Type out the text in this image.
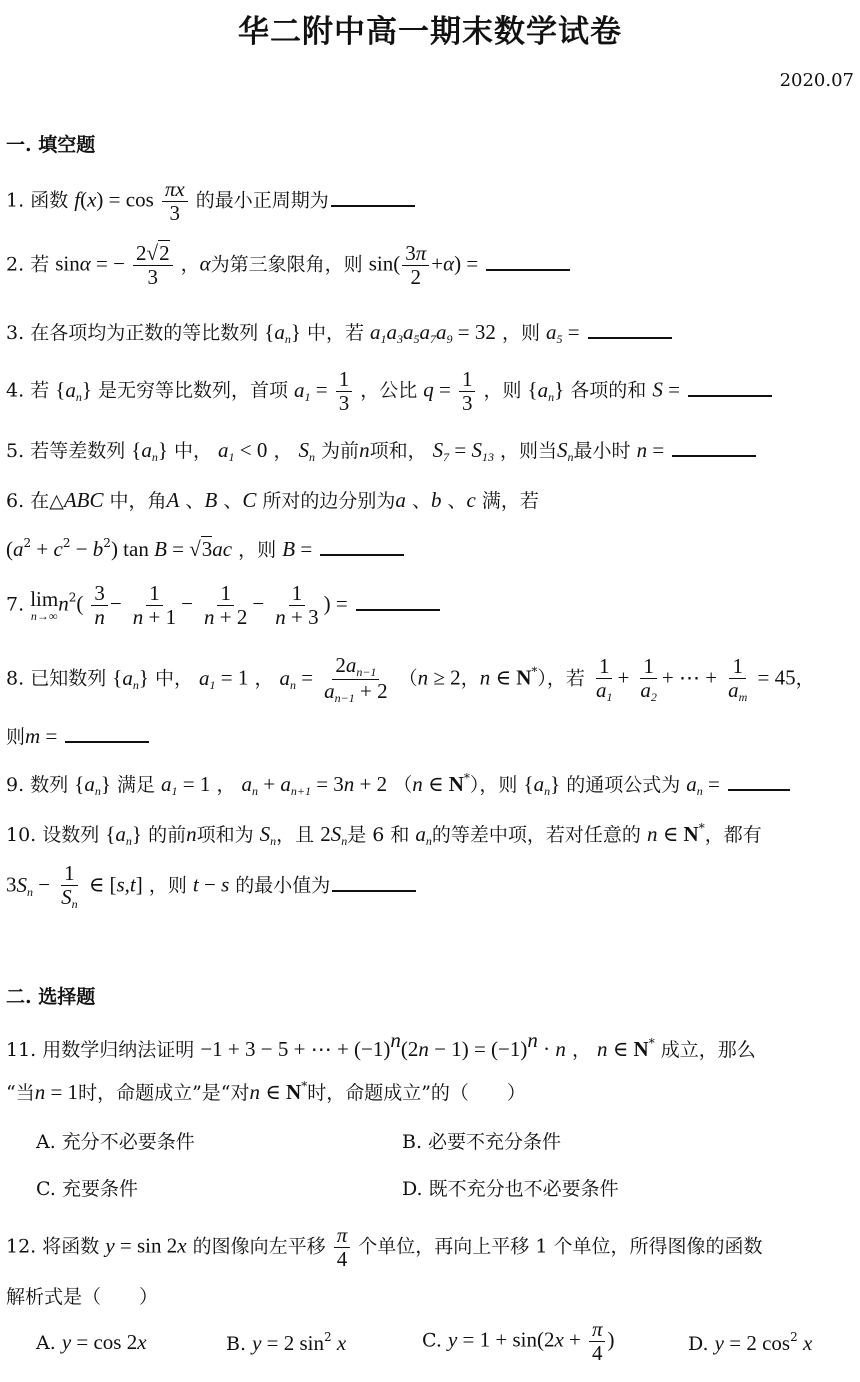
华二附中高一期末数学试卷
2020.07
一. 填空题
1. 函数 $f(x) = \cos \frac{\pi x}{3}$ 的最小正周期为
2. 若 sinα = − $\frac{2√2}{3}$ ，α为第三象限角，则 $\sin( \frac{3\pi}{2} +\alpha)$ =
3. 在各项均为正数的等比数列 $\{a_n\}$ 中，若 $a_1a_3a_5a_7a_9 = 32$ ，则 $a_5$ =
4. 若 $\{a_n\}$ 是无穷等比数列，首项 $a_1 = \frac{1}{3}$ ，公比 $q = \frac{1}{3}$ ，则 $\{a_n\}$ 各项的和 S =
5. 若等差数列 $\{a_n\}$ 中， $a_1 < 0$ ， $S_n$ 为前n项和， $S_7 = S_{13}$ ，则当$S_n$最小时 n =
6. 在△ABC 中，角A 、B 、C 所对的边分别为a 、b 、c 满，若
$(a^2 + c^2 - b^2)$ tan B = √3ac ，则 B =
7. lim
n→∞
$n^2( \frac{3}{n} - \frac{1}{n + 1} - \frac{1}{n + 2} - \frac{1}{n + 3}$ ) =
8. 已知数列 $\{a_n\}$ 中， $a_1 = 1$ ， $a_n = \frac{2a_{n-1}}{a_{n-1} + 2} (n \ge 2$，n ∈ N*），若 $\frac{1}{a_1} + \frac{1}{a_2}$ + ⋯ + $\frac{1}{a_m} = 45$，
则m =
9. 数列 $\{a_n\}$ 满足 $a_1 = 1$ ， $a_n + a_{n+1} = 3n + 2$ （n ∈ N*），则 $\{a_n\}$ 的通项公式为 $a_n$ =
10. 设数列 $\{a_n\}$ 的前n项和为 $S_n$，且 $2S_n$是 6 和 $a_n$的等差中项，若对任意的 n ∈ N*，都有
$3S_n - \frac{1}{S_n}$ ∈ [s,t] ，则 t − s 的最小值为
二. 选择题
11. 用数学归纳法证明 −1 + 3 − 5 + ⋯ + $(-1)^n(2n - 1) = (-1)^n \cdot n$ ， n ∈ N* 成立，那么
“当n = 1时，命题成立”是“对n ∈ N*时，命题成立”的（　　）
A. 充分不必要条件	B. 必要不充分条件
C. 充要条件	D. 既不充分也不必要条件
12. 将函数 y = sin 2x 的图像向左平移 $\frac{\pi}{4}$ 个单位，再向上平移 1 个单位，所得图像的函数
解析式是（　　）
A. y = cos 2x	B. y = 2 $\sin^2 x$	C. $y = 1 + \sin(2x + \frac{\pi}{4}$ )	D. y = 2 $\cos^2 x$
